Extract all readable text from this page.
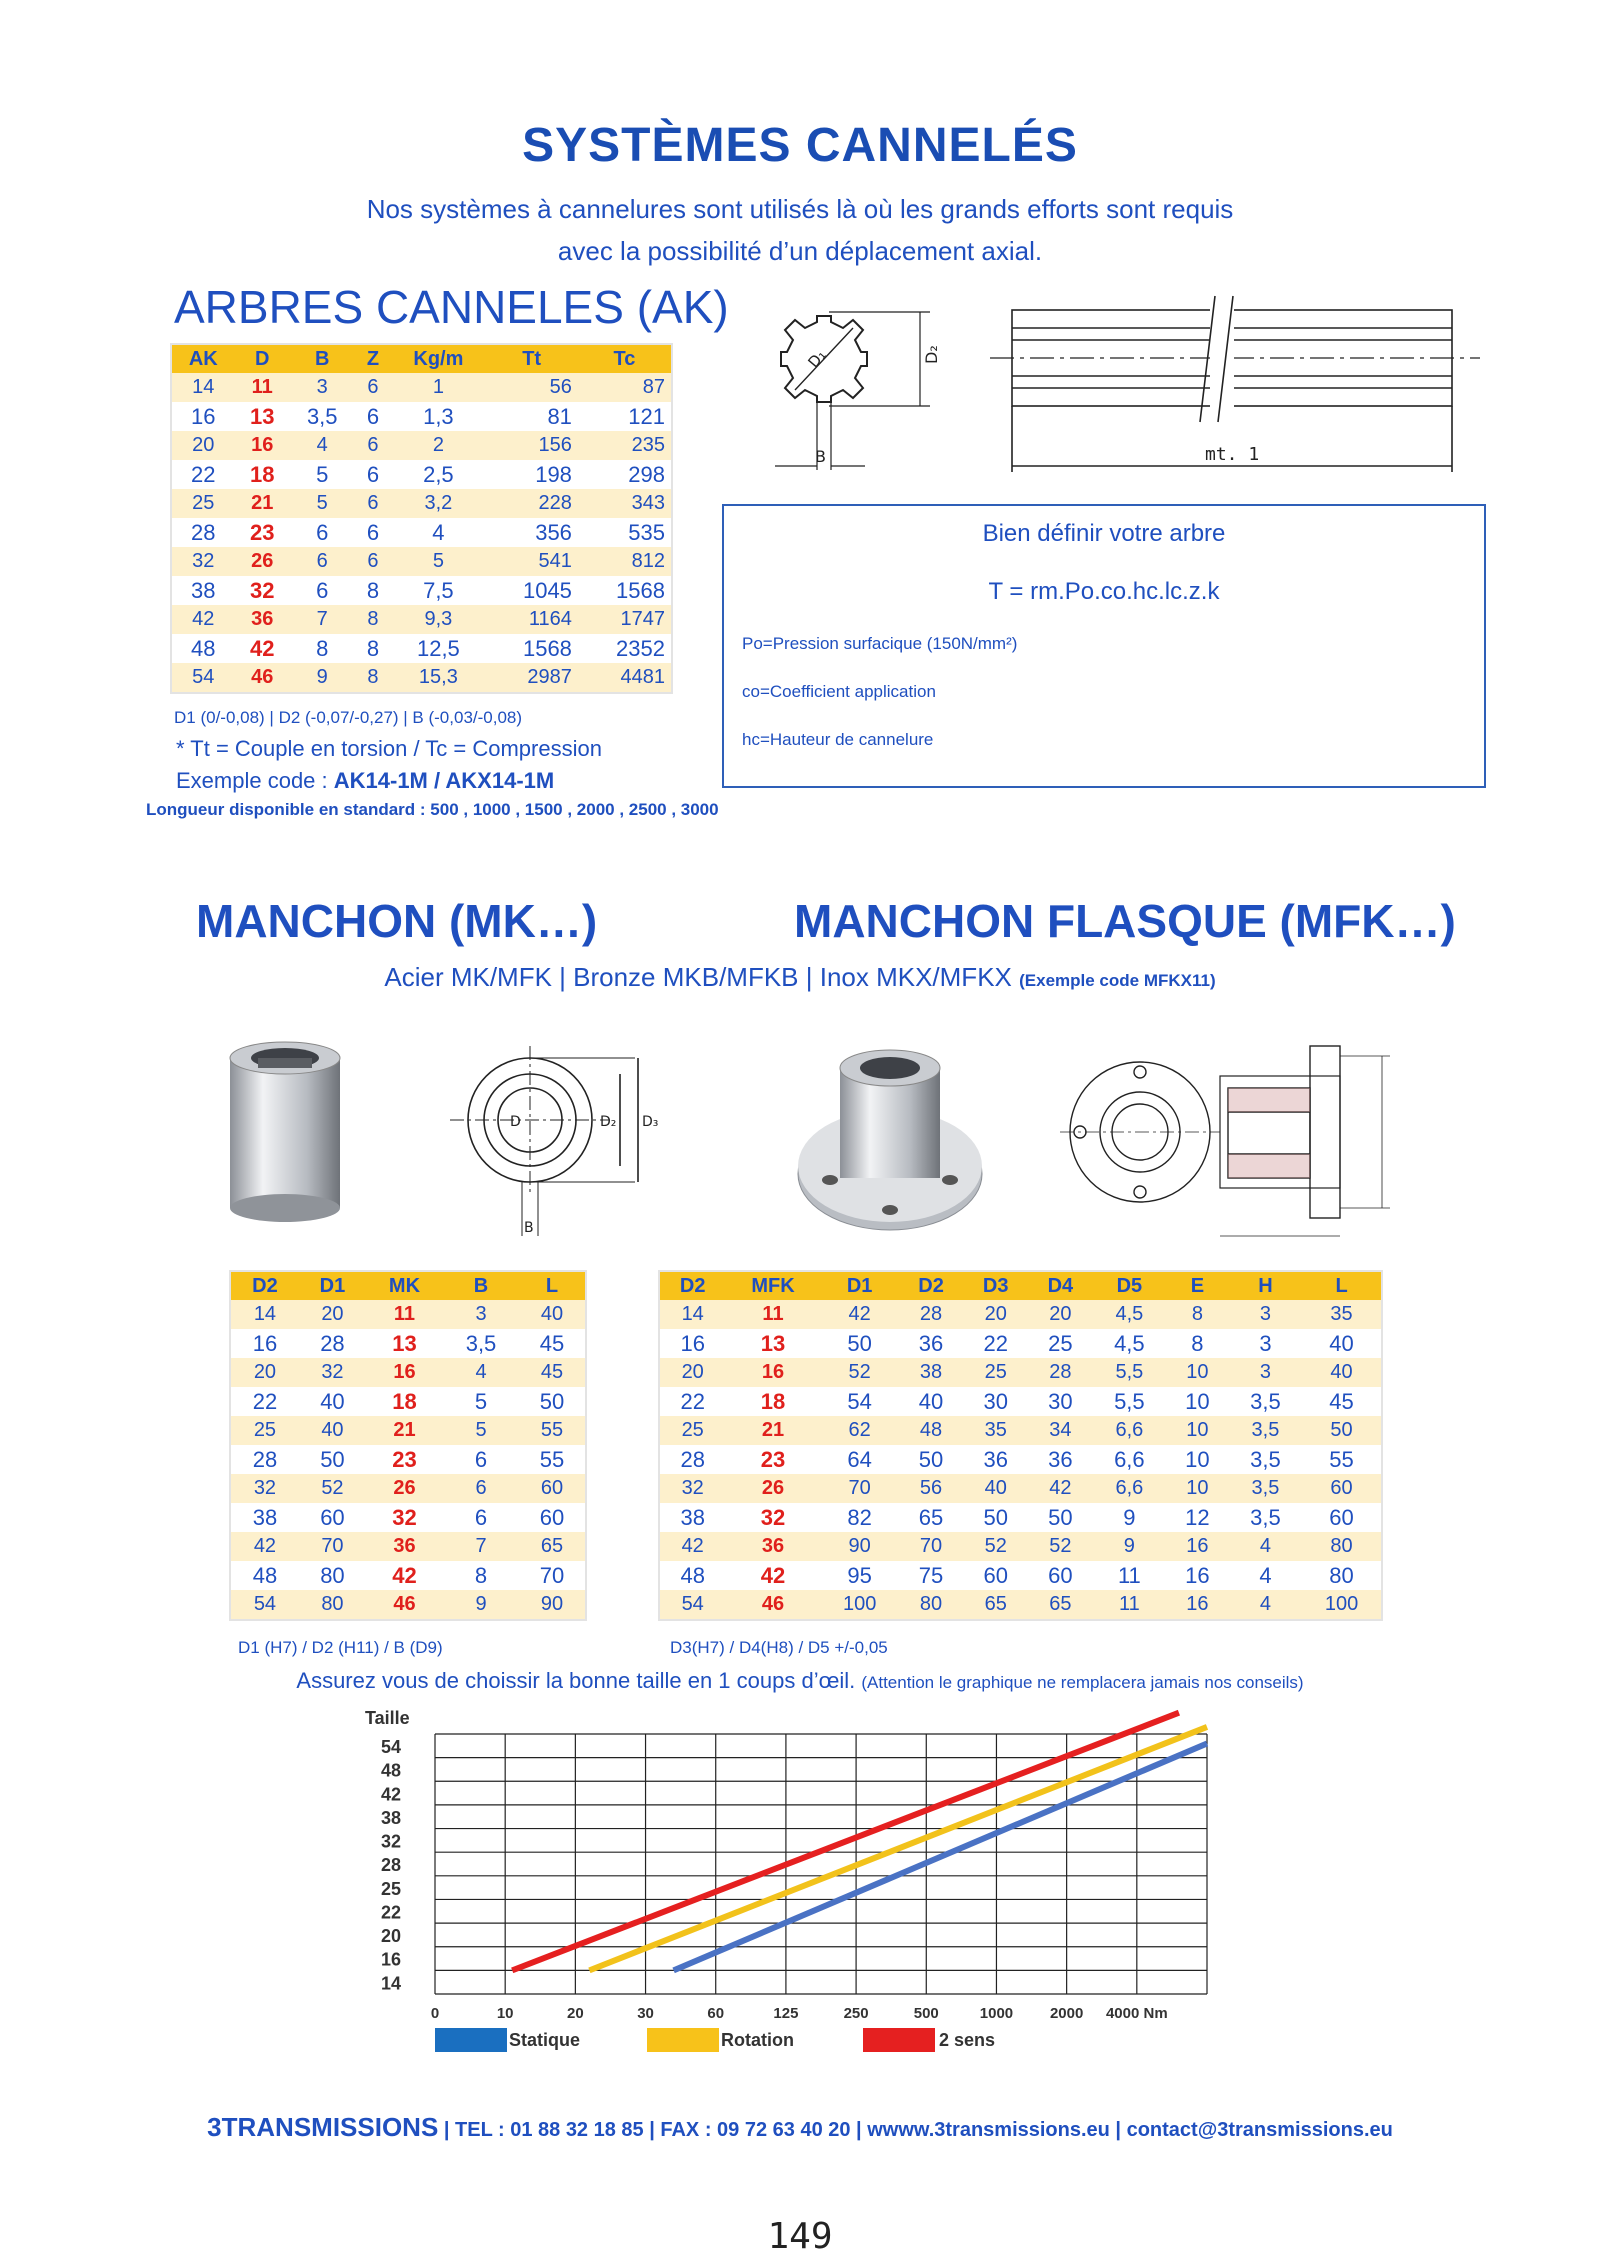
SYSTÈMES CANNELÉS
Nos systèmes à cannelures sont utilisés là où les grands efforts sont requis
avec la possibilité d’un déplacement axial.
ARBRES CANNELES (AK)
AK	D	B	Z	Kg/m	Tt	Tc
14	11	3	6	1	56	87
16	13	3,5	6	1,3	81	121
20	16	4	6	2	156	235
22	18	5	6	2,5	198	298
25	21	5	6	3,2	228	343
28	23	6	6	4	356	535
32	26	6	6	5	541	812
38	32	6	8	7,5	1045	1568
42	36	7	8	9,3	1164	1747
48	42	8	8	12,5	1568	2352
54	46	9	8	15,3	2987	4481
D1 (0/-0,08) | D2 (-0,07/-0,27) | B (-0,03/-0,08)
* Tt = Couple en torsion / Tc = Compression
Exemple code : AK14-1M / AKX14-1M
Longueur disponible en standard : 500 , 1000 , 1500 , 2000 , 2500 , 3000
D₁	D₂
B	mt. 1
Bien définir votre arbre
T = rm.Po.co.hc.lc.z.k
Po=Pression surfacique (150N/mm²)
co=Coefficient application
hc=Hauteur de cannelure
MANCHON (MK…)	MANCHON FLASQUE (MFK…)
Acier MK/MFK | Bronze MKB/MFKB | Inox MKX/MFKX (Exemple code MFKX11)
D	D₂ D₃
B
D2	D1	MK	B	L
14	20	11	3	40
16	28	13	3,5	45
20	32	16	4	45
22	40	18	5	50
25	40	21	5	55
28	50	23	6	55
32	52	26	6	60
38	60	32	6	60
42	70	36	7	65
48	80	42	8	70
54	80	46	9	90
D1 (H7) / D2 (H11) / B (D9)
D2	MFK	D1	D2	D3	D4	D5	E	H	L
14	11	42	28	20	20	4,5	8	3	35
16	13	50	36	22	25	4,5	8	3	40
20	16	52	38	25	28	5,5	10	3	40
22	18	54	40	30	30	5,5	10	3,5	45
25	21	62	48	35	34	6,6	10	3,5	50
28	23	64	50	36	36	6,6	10	3,5	55
32	26	70	56	40	42	6,6	10	3,5	60
38	32	82	65	50	50	9	12	3,5	60
42	36	90	70	52	52	9	16	4	80
48	42	95	75	60	60	11	16	4	80
54	46	100	80	65	65	11	16	4	100
D3(H7) / D4(H8) / D5 +/-0,05
Assurez vous de choissir la bonne taille en 1 coups d’œil. (Attention le graphique ne remplacera jamais nos conseils)
Taille
14
16
20
22
25
28
32
38
42
48
54
0	10	20	30	60	125	250	500	1000 2000 4000 Nm
Statique	Rotation	2 sens
3TRANSMISSIONS | TEL : 01 88 32 18 85 | FAX : 09 72 63 40 20 | wwww.3transmissions.eu | contact@3transmissions.eu
149
